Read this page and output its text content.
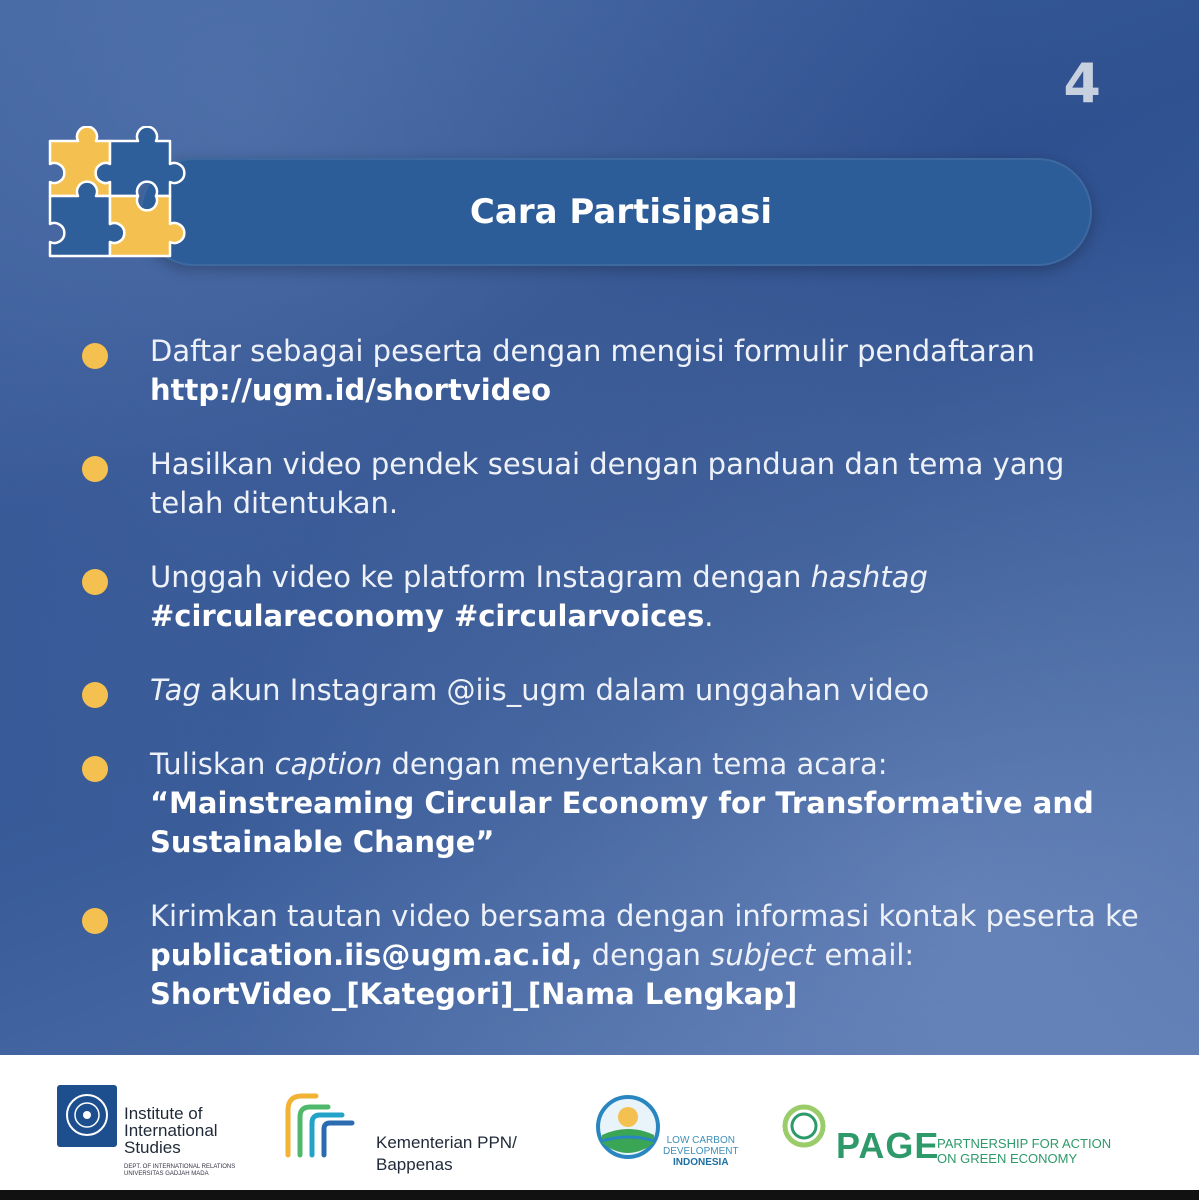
4
Cara Partisipasi
Daftar sebagai peserta dengan mengisi formulir pendaftaran http://ugm.id/shortvideo
Hasilkan video pendek sesuai dengan panduan dan tema yang telah ditentukan.
Unggah video ke platform Instagram dengan hashtag #circulareconomy #circularvoices.
Tag akun Instagram @iis_ugm dalam unggahan video
Tuliskan caption dengan menyertakan tema acara: “Mainstreaming Circular Economy for Transformative and Sustainable Change”
Kirimkan tautan video bersama dengan informasi kontak peserta ke publication.iis@ugm.ac.id, dengan subject email: ShortVideo_[Kategori]_[Nama Lengkap]
Institute of
International
Studies
DEPT. OF INTERNATIONAL RELATIONS
UNIVERSITAS GADJAH MADA
Kementerian PPN/
Bappenas
LOW CARBON
DEVELOPMENT
INDONESIA	PAGE
PARTNERSHIP FOR ACTION
ON GREEN ECONOMY
